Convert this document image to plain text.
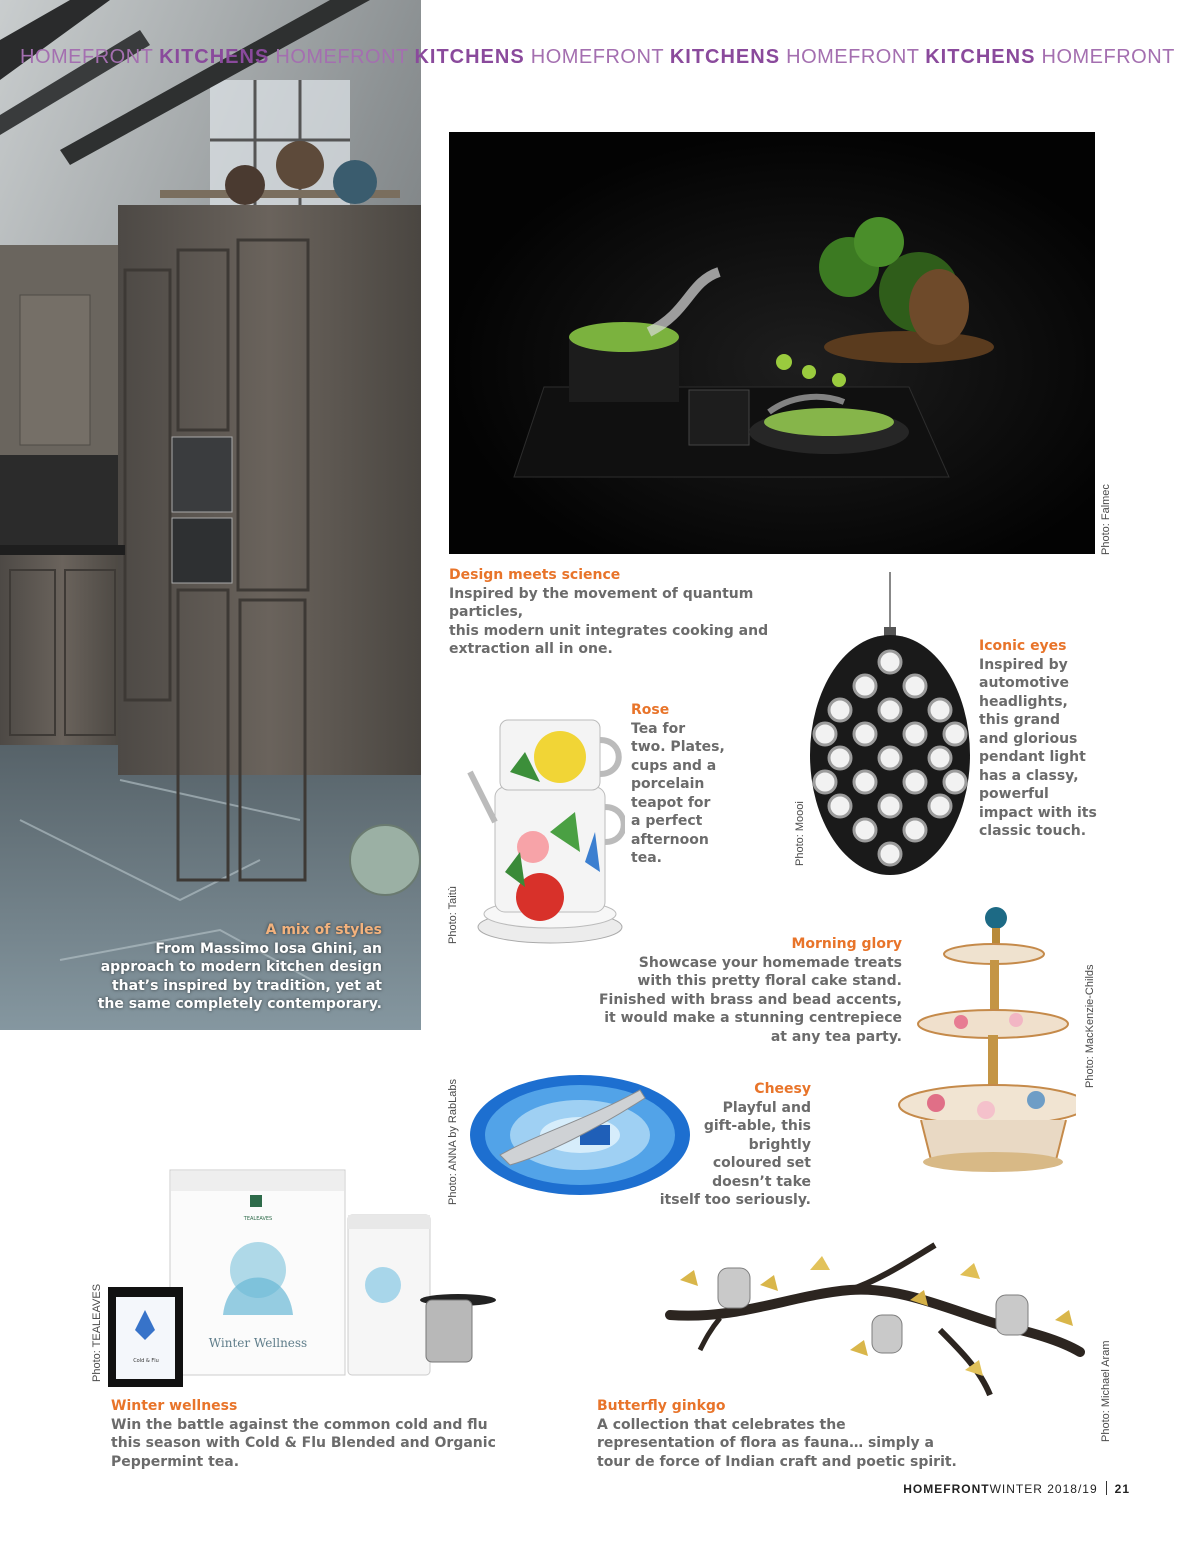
HOMEFRONT KITCHENS HOMEFRONT KITCHENS HOMEFRONT KITCHENS HOMEFRONT KITCHENS HOMEFRONT
A mix of styles
From Massimo Iosa Ghini, an
approach to modern kitchen design
that’s inspired by tradition, yet at
the same completely contemporary.
Photo: Falmec
Design meets science
Inspired by the movement of quantum particles,
this modern unit integrates cooking and
extraction all in one.
Photo: Moooi
Iconic eyes
Inspired by
automotive
headlights,
this grand
and glorious
pendant light
has a classy,
powerful
impact with its
classic touch.
Photo: Taitù
Rose
Tea for
two. Plates,
cups and a
porcelain
teapot for
a perfect
afternoon
tea.
Photo: MacKenzie-Childs
Morning glory
Showcase your homemade treats
with this pretty floral cake stand.
Finished with brass and bead accents,
it would make a stunning centrepiece
at any tea party.
Photo: ANNA by RabLabs	Cheesy
Playful and
gift-able, this
brightly
coloured set
doesn’t take
itself too seriously.
Winter Wellness
TEALEAVES
Cold & Flu
Photo: TEALEAVES
Winter wellness
Win the battle against the common cold and flu
this season with Cold & Flu Blended and Organic
Peppermint tea.
Photo: Michael Aram
Butterfly ginkgo
A collection that celebrates the
representation of flora as fauna… simply a
tour de force of Indian craft and poetic spirit.
HOMEFRONTWINTER 2018/19 21
